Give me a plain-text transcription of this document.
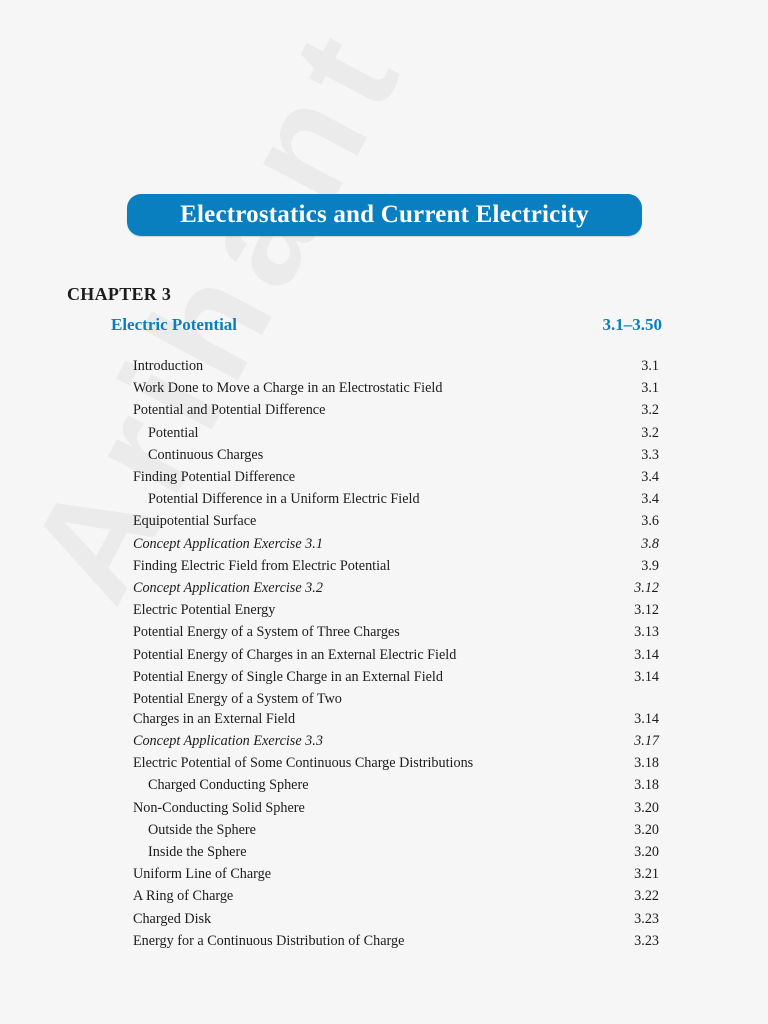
Electrostatics and Current Electricity
CHAPTER 3
Electric Potential	3.1–3.50
Introduction	3.1
Work Done to Move a Charge in an Electrostatic Field	3.1
Potential and Potential Difference	3.2
Potential	3.2
Continuous Charges	3.3
Finding Potential Difference	3.4
Potential Difference in a Uniform Electric Field	3.4
Equipotential Surface	3.6
Concept Application Exercise 3.1	3.8
Finding Electric Field from Electric Potential	3.9
Concept Application Exercise 3.2	3.12
Electric Potential Energy	3.12
Potential Energy of a System of Three Charges	3.13
Potential Energy of Charges in an External Electric Field	3.14
Potential Energy of Single Charge in an External Field	3.14
Potential Energy of a System of Two
Charges in an External Field	3.14
Concept Application Exercise 3.3	3.17
Electric Potential of Some Continuous Charge Distributions	3.18
Charged Conducting Sphere	3.18
Non-Conducting Solid Sphere	3.20
Outside the Sphere	3.20
Inside the Sphere	3.20
Uniform Line of Charge	3.21
A Ring of Charge	3.22
Charged Disk	3.23
Energy for a Continuous Distribution of Charge	3.23
